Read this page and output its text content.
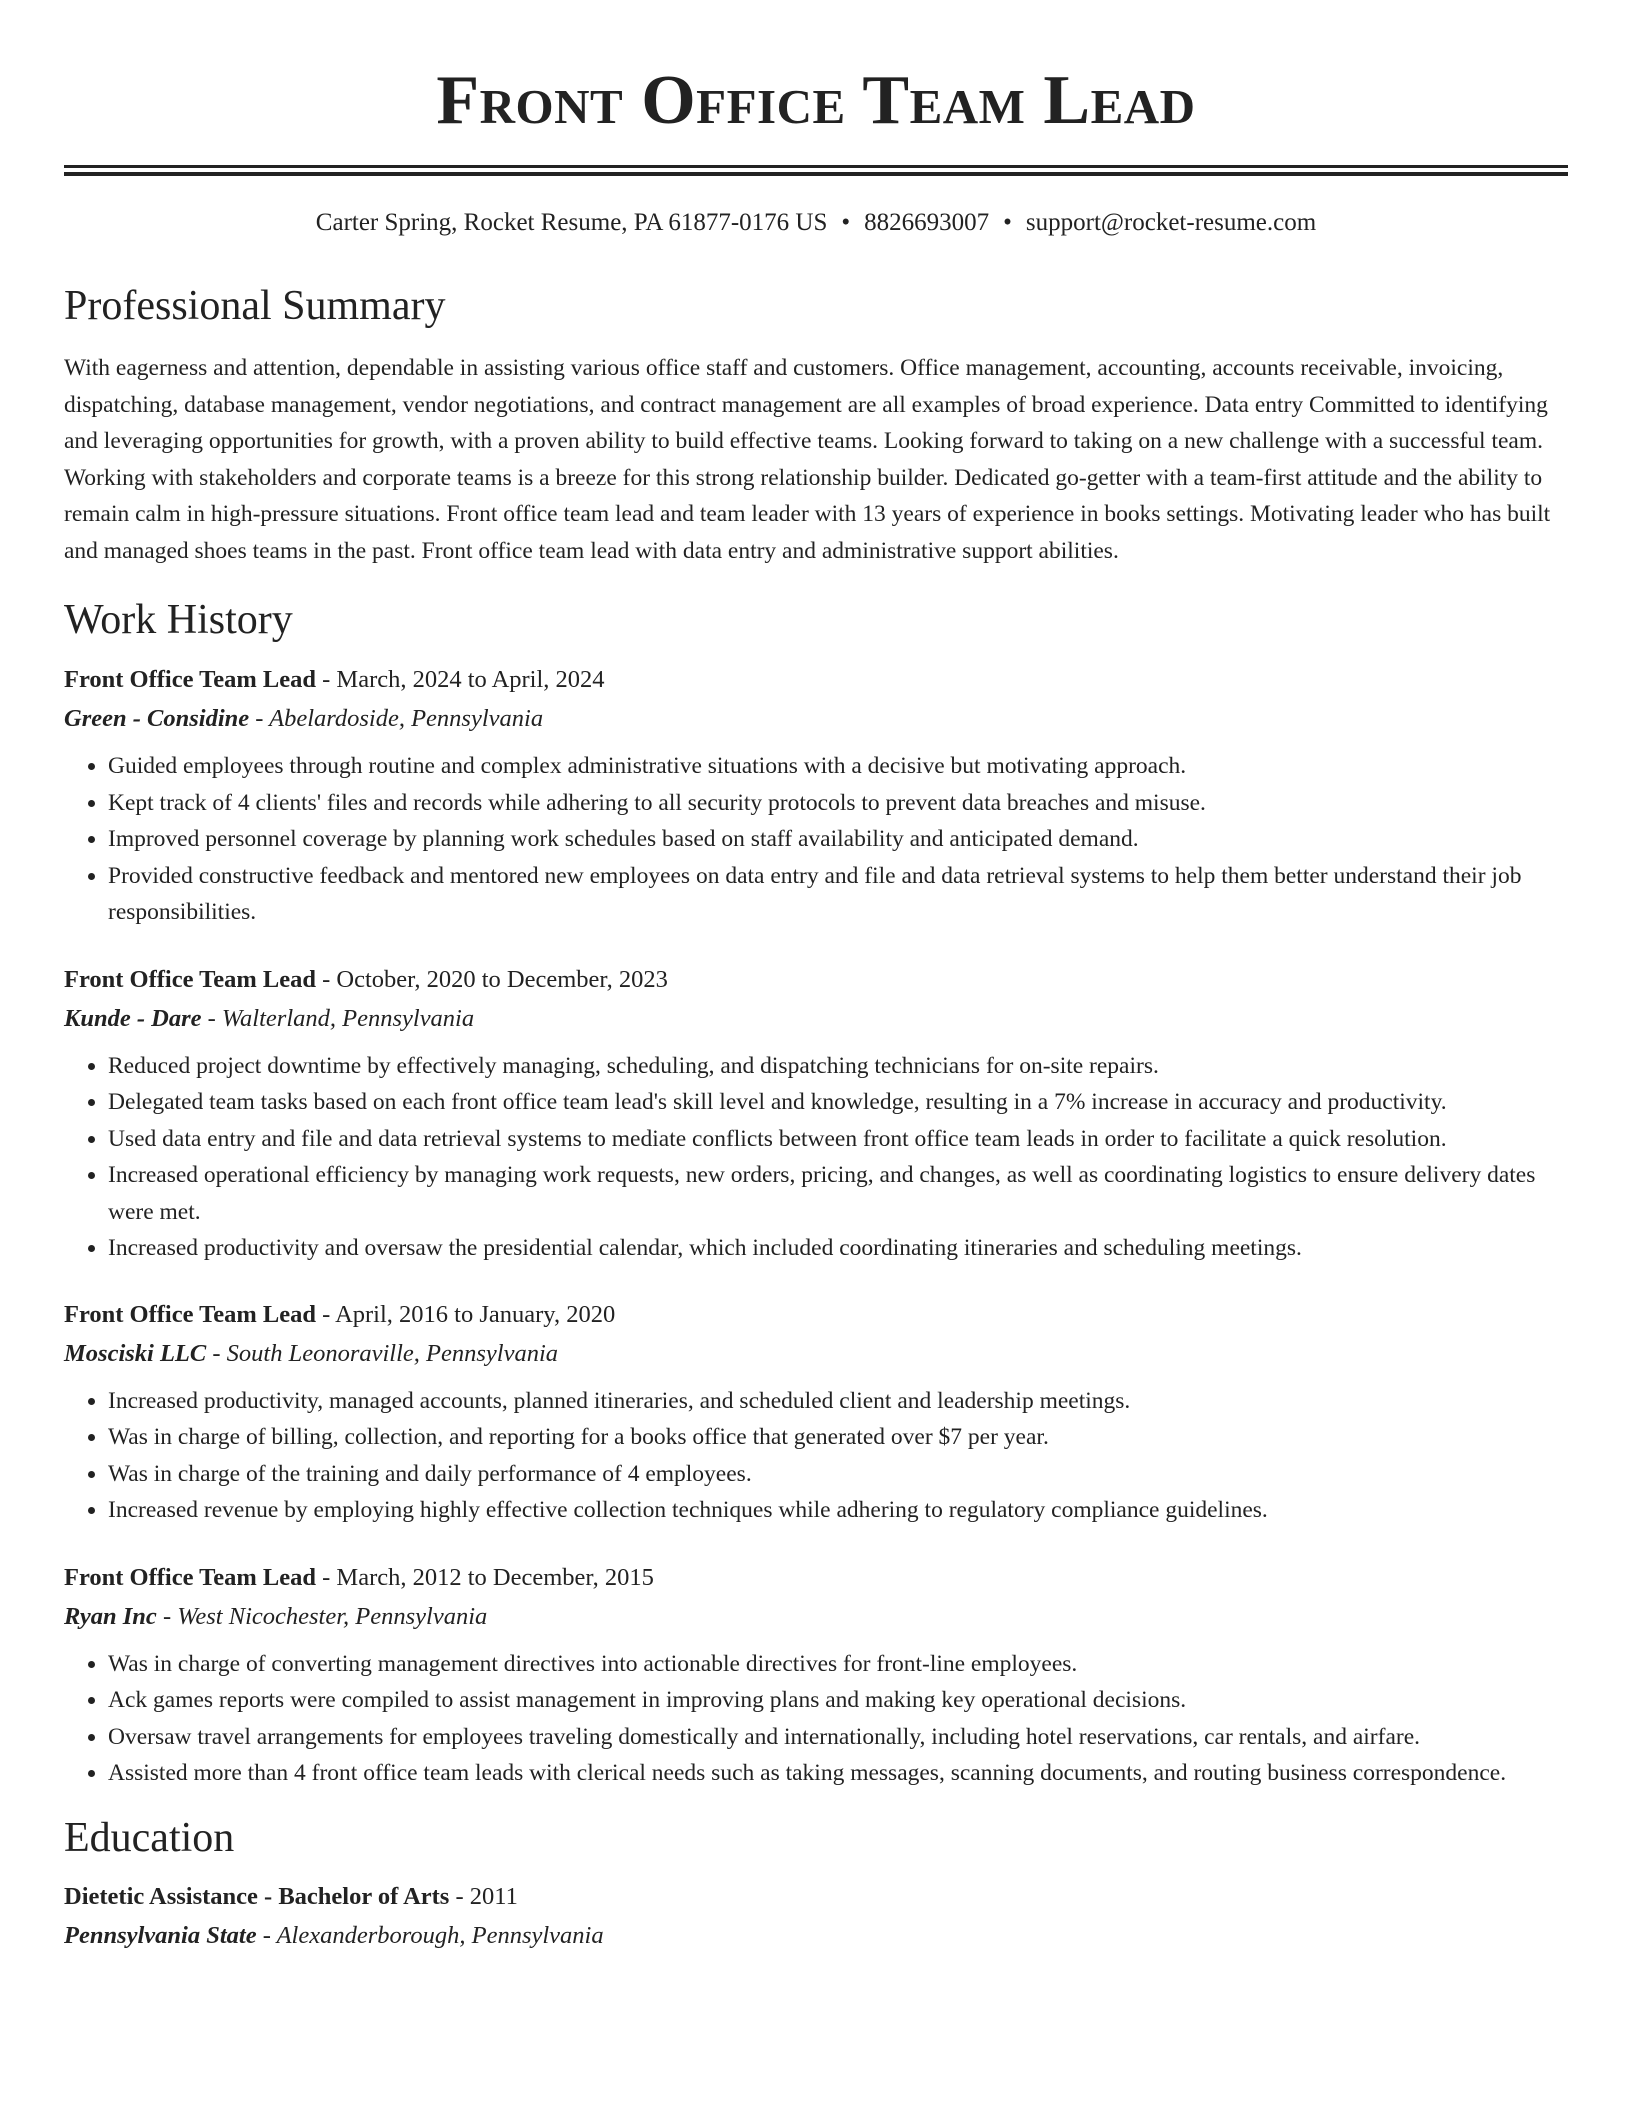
Front Office Team Lead
Carter Spring, Rocket Resume, PA 61877-0176 US • 8826693007 • support@rocket-resume.com
Professional Summary

With eagerness and attention, dependable in assisting various office staff and customers. Office management, accounting, accounts receivable, invoicing, dispatching, database management, vendor negotiations, and contract management are all examples of broad experience. Data entry Committed to identifying and leveraging opportunities for growth, with a proven ability to build effective teams. Looking forward to taking on a new challenge with a successful team. Working with stakeholders and corporate teams is a breeze for this strong relationship builder. Dedicated go-getter with a team-first attitude and the ability to remain calm in high-pressure situations. Front office team lead and team leader with 13 years of experience in books settings. Motivating leader who has built and managed shoes teams in the past. Front office team lead with data entry and administrative support abilities.

Work History
Front Office Team Lead - March, 2024 to April, 2024
Green - Considine - Abelardoside, Pennsylvania
• Guided employees through routine and complex administrative situations with a decisive but motivating approach.
• Kept track of 4 clients' files and records while adhering to all security protocols to prevent data breaches and misuse.
• Improved personnel coverage by planning work schedules based on staff availability and anticipated demand.
• Provided constructive feedback and mentored new employees on data entry and file and data retrieval systems to help them better understand their job responsibilities.
Front Office Team Lead - October, 2020 to December, 2023
Kunde - Dare - Walterland, Pennsylvania
• Reduced project downtime by effectively managing, scheduling, and dispatching technicians for on-site repairs.
• Delegated team tasks based on each front office team lead's skill level and knowledge, resulting in a 7% increase in accuracy and productivity.
• Used data entry and file and data retrieval systems to mediate conflicts between front office team leads in order to facilitate a quick resolution.
• Increased operational efficiency by managing work requests, new orders, pricing, and changes, as well as coordinating logistics to ensure delivery dates were met.
• Increased productivity and oversaw the presidential calendar, which included coordinating itineraries and scheduling meetings.
Front Office Team Lead - April, 2016 to January, 2020
Mosciski LLC - South Leonoraville, Pennsylvania
• Increased productivity, managed accounts, planned itineraries, and scheduled client and leadership meetings.
• Was in charge of billing, collection, and reporting for a books office that generated over $7 per year.
• Was in charge of the training and daily performance of 4 employees.
• Increased revenue by employing highly effective collection techniques while adhering to regulatory compliance guidelines.
Front Office Team Lead - March, 2012 to December, 2015
Ryan Inc - West Nicochester, Pennsylvania
• Was in charge of converting management directives into actionable directives for front-line employees.
• Ack games reports were compiled to assist management in improving plans and making key operational decisions.
• Oversaw travel arrangements for employees traveling domestically and internationally, including hotel reservations, car rentals, and airfare.
• Assisted more than 4 front office team leads with clerical needs such as taking messages, scanning documents, and routing business correspondence.
Education
Dietetic Assistance - Bachelor of Arts - 2011
Pennsylvania State - Alexanderborough, Pennsylvania
